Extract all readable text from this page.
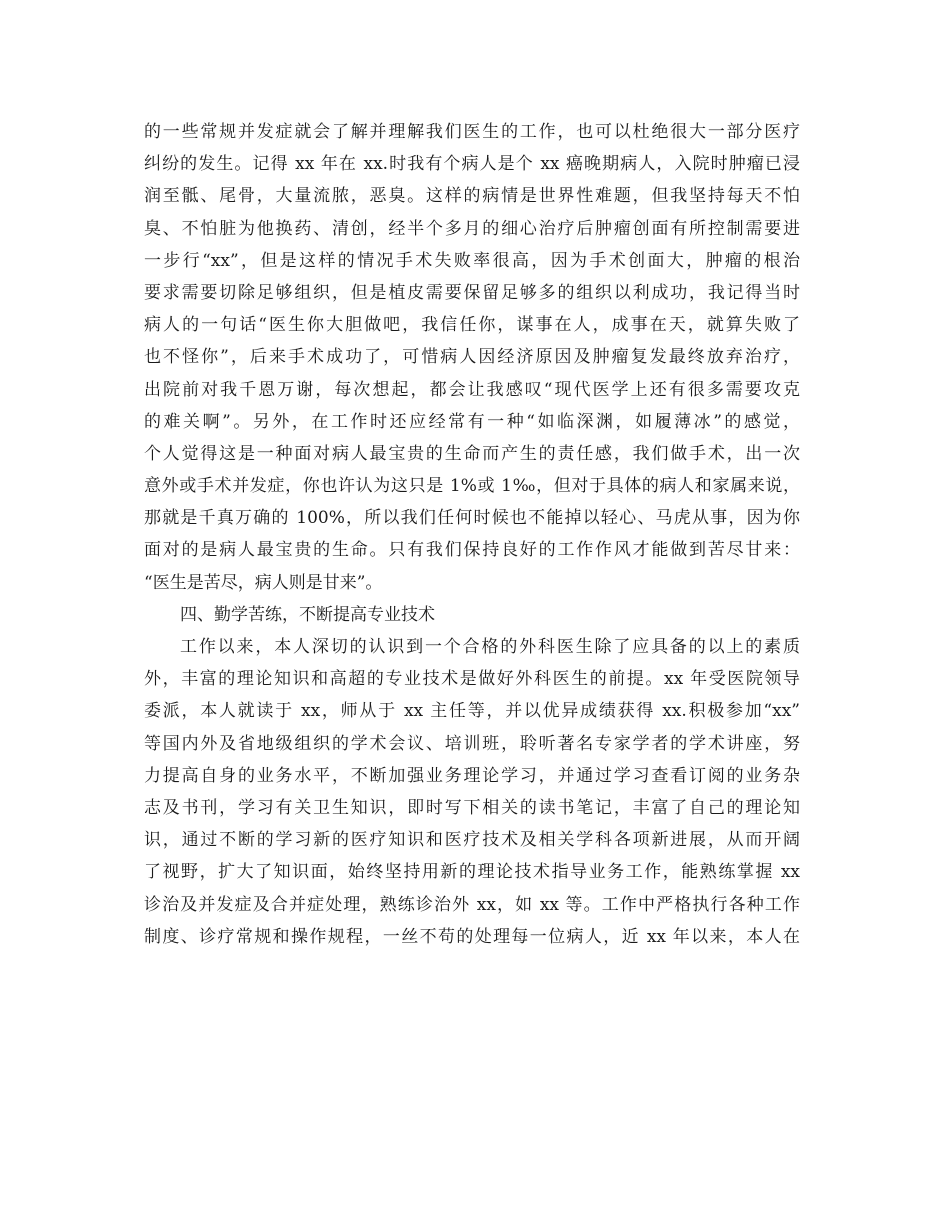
的一些常规并发症就会了解并理解我们医生的工作，也可以杜绝很大一部分医疗
纠纷的发生。记得 xx 年在 xx.时我有个病人是个 xx 癌晚期病人，入院时肿瘤已浸
润至骶、尾骨，大量流脓，恶臭。这样的病情是世界性难题，但我坚持每天不怕
臭、不怕脏为他换药、清创，经半个多月的细心治疗后肿瘤创面有所控制需要进
一步行“xx”，但是这样的情况手术失败率很高，因为手术创面大，肿瘤的根治
要求需要切除足够组织，但是植皮需要保留足够多的组织以利成功，我记得当时
病人的一句话“医生你大胆做吧，我信任你，谋事在人，成事在天，就算失败了
也不怪你”，后来手术成功了，可惜病人因经济原因及肿瘤复发最终放弃治疗，
出院前对我千恩万谢，每次想起，都会让我感叹“现代医学上还有很多需要攻克
的难关啊”。另外，在工作时还应经常有一种“如临深渊，如履薄冰”的感觉，
个人觉得这是一种面对病人最宝贵的生命而产生的责任感，我们做手术，出一次
意外或手术并发症，你也许认为这只是 1%或 1‰，但对于具体的病人和家属来说，
那就是千真万确的 100%，所以我们任何时候也不能掉以轻心、马虎从事，因为你
面对的是病人最宝贵的生命。只有我们保持良好的工作作风才能做到苦尽甘来：
“医生是苦尽，病人则是甘来”。
四、勤学苦练，不断提高专业技术
工作以来，本人深切的认识到一个合格的外科医生除了应具备的以上的素质
外，丰富的理论知识和高超的专业技术是做好外科医生的前提。xx 年受医院领导
委派，本人就读于 xx，师从于 xx 主任等，并以优异成绩获得 xx.积极参加“xx”
等国内外及省地级组织的学术会议、培训班，聆听著名专家学者的学术讲座，努
力提高自身的业务水平，不断加强业务理论学习，并通过学习查看订阅的业务杂
志及书刊，学习有关卫生知识，即时写下相关的读书笔记，丰富了自己的理论知
识，通过不断的学习新的医疗知识和医疗技术及相关学科各项新进展，从而开阔
了视野，扩大了知识面，始终坚持用新的理论技术指导业务工作，能熟练掌握 xx
诊治及并发症及合并症处理，熟练诊治外 xx，如 xx 等。工作中严格执行各种工作
制度、诊疗常规和操作规程，一丝不苟的处理每一位病人，近 xx 年以来，本人在
